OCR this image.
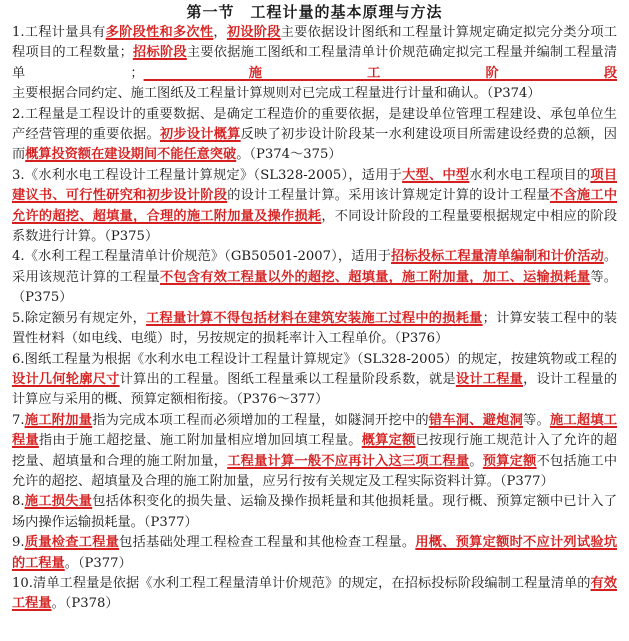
第一节　工程计量的基本原理与方法

1.工程计量具有多阶段性和多次性，初设阶段主要依据设计图纸和工程量计算规定确定拟完分类分项工程项目的工程数量；招标阶段主要依据施工图纸和工程量清单计价规范确定拟完工程量并编制工程量清单；施工阶段主要根据合同约定、施工图纸及工程量计算规则对已完成工程量进行计量和确认。（P374）

2.工程量是工程设计的重要数据、是确定工程造价的重要依据，是建设单位管理工程建设、承包单位生产经营管理的重要依据。初步设计概算反映了初步设计阶段某一水利建设项目所需建设经费的总额，因而概算投资额在建设期间不能任意突破。（P374～375）

3.《水利水电工程设计工程量计算规定》（SL328-2005），适用于大型、中型水利水电工程项目的项目建议书、可行性研究和初步设计阶段的设计工程量计算。采用该计算规定计算的设计工程量不含施工中允许的超挖、超填量，合理的施工附加量及操作损耗，不同设计阶段的工程量要根据规定中相应的阶段系数进行计算。（P375）

4.《水利工程工程量清单计价规范》（GB50501-2007），适用于招标投标工程量清单编制和计价活动。采用该规范计算的工程量不包含有效工程量以外的超挖、超填量，施工附加量，加工、运输损耗量等。（P375）

5.除定额另有规定外，工程量计算不得包括材料在建筑安装施工过程中的损耗量；计算安装工程中的装置性材料（如电线、电缆）时，另按规定的损耗率计入工程单价。（P376）

6.图纸工程量为根据《水利水电工程设计工程量计算规定》（SL328-2005）的规定，按建筑物或工程的设计几何轮廓尺寸计算出的工程量。图纸工程量乘以工程量阶段系数，就是设计工程量，设计工程量的计算应与采用的概、预算定额相衔接。（P376～377）

7.施工附加量指为完成本项工程而必须增加的工程量，如隧洞开挖中的错车洞、避炮洞等。施工超填工程量指由于施工超挖量、施工附加量相应增加回填工程量。概算定额已按现行施工规范计入了允许的超挖量、超填量和合理的施工附加量，工程量计算一般不应再计入这三项工程量。预算定额不包括施工中允许的超挖、超填量及合理的施工附加量，应另行按有关规定及工程实际资料计算。（P377）

8.施工损失量包括体积变化的损失量、运输及操作损耗量和其他损耗量。现行概、预算定额中已计入了场内操作运输损耗量。（P377）

9.质量检查工程量包括基础处理工程检查工程量和其他检查工程量。用概、预算定额时不应计列试验坑的工程量。（P377）

10.清单工程量是依据《水利工程工程量清单计价规范》的规定，在招标投标阶段编制工程量清单的有效工程量。（P378）
